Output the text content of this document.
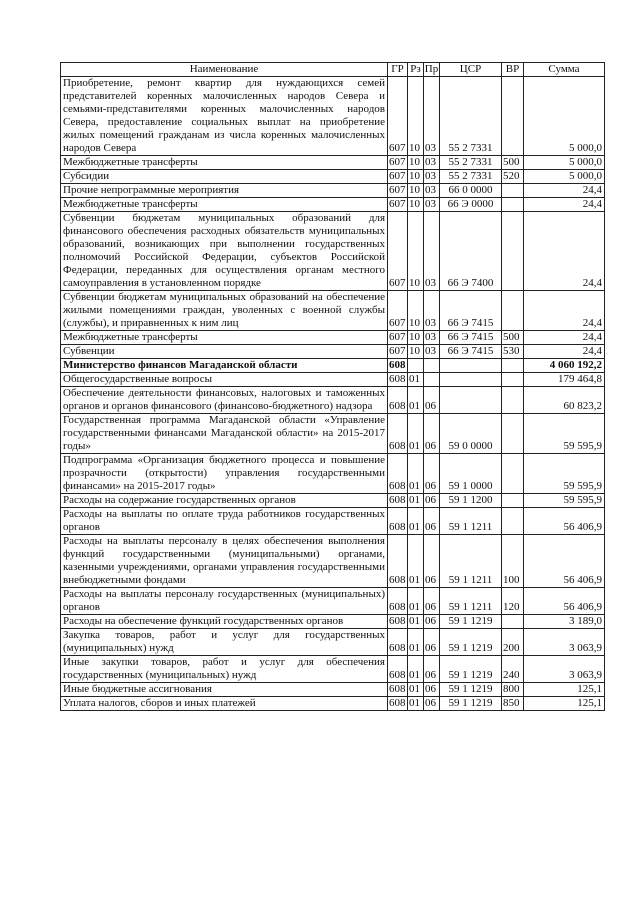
Наименование	ГР	Рз	Пр	ЦСР	ВР	Сумма
Приобретение, ремонт квартир для нуждающихся семей представителей коренных малочисленных народов Севера и семьями-представителями коренных малочисленных народов Севера, предоставление социальных выплат на приобретение жилых помещений гражданам из числа коренных малочисленных народов Севера	607	10	03	55 2 7331		5 000,0
Межбюджетные трансферты	607	10	03	55 2 7331	500	5 000,0
Субсидии	607	10	03	55 2 7331	520	5 000,0
Прочие непрограммные мероприятия	607	10	03	66 0 0000		24,4
Межбюджетные трансферты	607	10	03	66 Э 0000		24,4
Субвенции бюджетам муниципальных образований для финансового обеспечения расходных обязательств муниципальных образований, возникающих при выполнении государственных полномочий Российской Федерации, субъектов Российской Федерации, переданных для осуществления органам местного самоуправления в установленном порядке	607	10	03	66 Э 7400		24,4
Субвенции бюджетам муниципальных образований на обеспечение жилыми помещениями граждан, уволенных с военной службы (службы), и приравненных к ним лиц	607	10	03	66 Э 7415		24,4
Межбюджетные трансферты	607	10	03	66 Э 7415	500	24,4
Субвенции	607	10	03	66 Э 7415	530	24,4
Министерство финансов Магаданской области	608					4 060 192,2
Общегосударственные вопросы	608	01				179 464,8
Обеспечение деятельности финансовых, налоговых и таможенных органов и органов финансового (финансово-бюджетного) надзора	608	01	06			60 823,2
Государственная программа Магаданской области «Управление государственными финансами Магаданской области» на 2015-2017 годы»	608	01	06	59 0 0000		59 595,9
Подпрограмма «Организация бюджетного процесса и повышение прозрачности (открытости) управления государственными финансами» на 2015-2017 годы»	608	01	06	59 1 0000		59 595,9
Расходы на содержание государственных органов	608	01	06	59 1 1200		59 595,9
Расходы на выплаты по оплате труда работников государственных органов	608	01	06	59 1 1211		56 406,9
Расходы на выплаты персоналу в целях обеспечения выполнения функций государственными (муниципальными) органами, казенными учреждениями, органами управления государственными внебюджетными фондами	608	01	06	59 1 1211	100	56 406,9
Расходы на выплаты персоналу государственных (муниципальных) органов	608	01	06	59 1 1211	120	56 406,9
Расходы на обеспечение функций государственных органов	608	01	06	59 1 1219		3 189,0
Закупка товаров, работ и услуг для государственных (муниципальных) нужд	608	01	06	59 1 1219	200	3 063,9
Иные закупки товаров, работ и услуг для обеспечения государственных (муниципальных) нужд	608	01	06	59 1 1219	240	3 063,9
Иные бюджетные ассигнования	608	01	06	59 1 1219	800	125,1
Уплата налогов, сборов и иных платежей	608	01	06	59 1 1219	850	125,1
